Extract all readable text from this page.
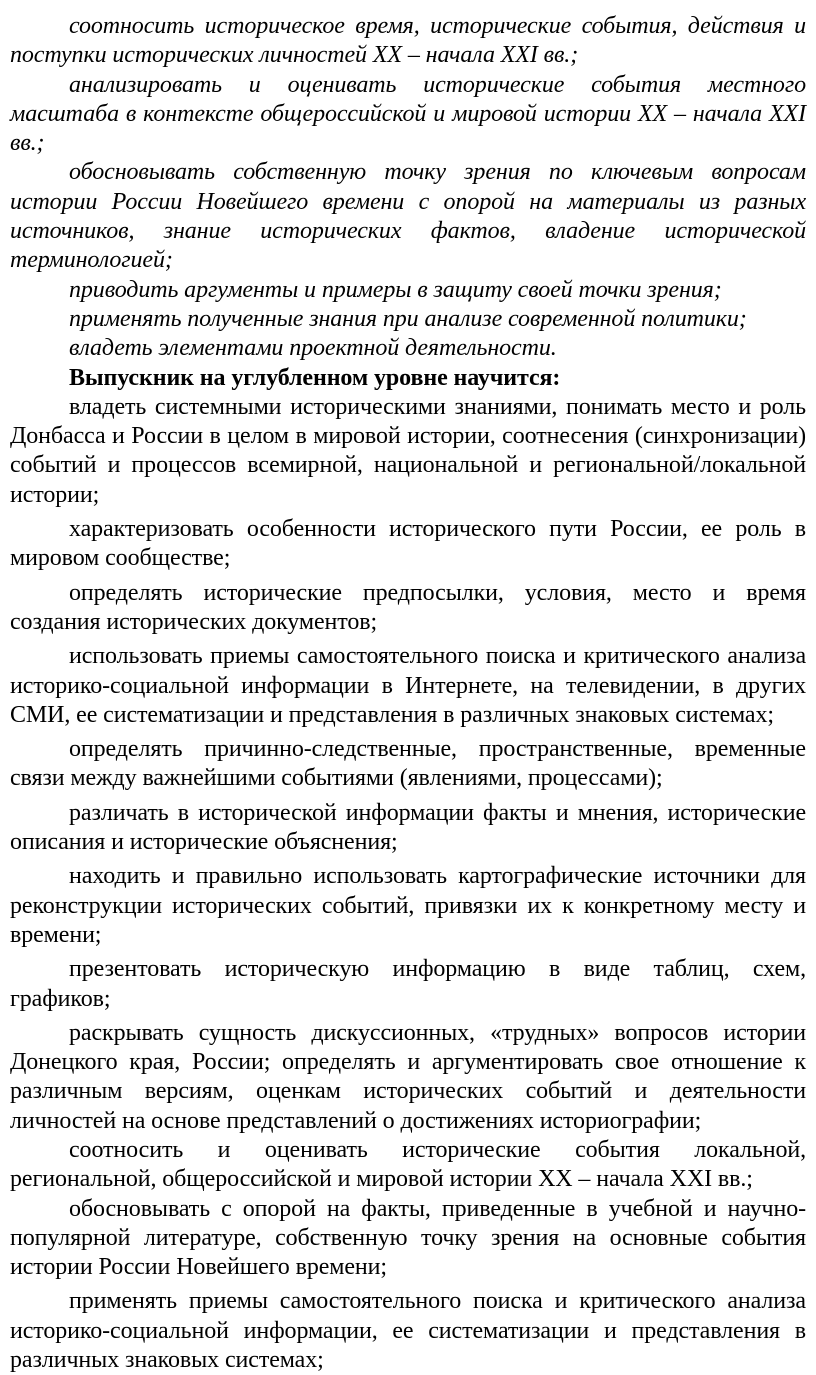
соотносить историческое время, исторические события, действия и поступки исторических личностей XX – начала XXI вв.;

анализировать и оценивать исторические события местного масштаба в контексте общероссийской и мировой истории XX – начала XXI вв.;

обосновывать собственную точку зрения по ключевым вопросам истории России Новейшего времени с опорой на материалы из разных источников, знание исторических фактов, владение исторической терминологией;

приводить аргументы и примеры в защиту своей точки зрения;

применять полученные знания при анализе современной политики;

владеть элементами проектной деятельности.

Выпускник на углубленном уровне научится:

владеть системными историческими знаниями, понимать место и роль Донбасса и России в целом в мировой истории, соотнесения (синхронизации) событий и процессов всемирной, национальной и региональной/локальной истории;

характеризовать особенности исторического пути России, ее роль в мировом сообществе;

определять исторические предпосылки, условия, место и время создания исторических документов;

использовать приемы самостоятельного поиска и критического анализа историко-социальной информации в Интернете, на телевидении, в других СМИ, ее систематизации и представления в различных знаковых системах;

определять причинно-следственные, пространственные, временные связи между важнейшими событиями (явлениями, процессами);

различать в исторической информации факты и мнения, исторические описания и исторические объяснения;

находить и правильно использовать картографические источники для реконструкции исторических событий, привязки их к конкретному месту и времени;

презентовать историческую информацию в виде таблиц, схем, графиков;

раскрывать сущность дискуссионных, «трудных» вопросов истории Донецкого края, России; определять и аргументировать свое отношение к различным версиям, оценкам исторических событий и деятельности личностей на основе представлений о достижениях историографии;

соотносить и оценивать исторические события локальной, региональной, общероссийской и мировой истории XX – начала XXI вв.;

обосновывать с опорой на факты, приведенные в учебной и научно-популярной литературе, собственную точку зрения на основные события истории России Новейшего времени;

применять приемы самостоятельного поиска и критического анализа историко-социальной информации, ее систематизации и представления в различных знаковых системах;
